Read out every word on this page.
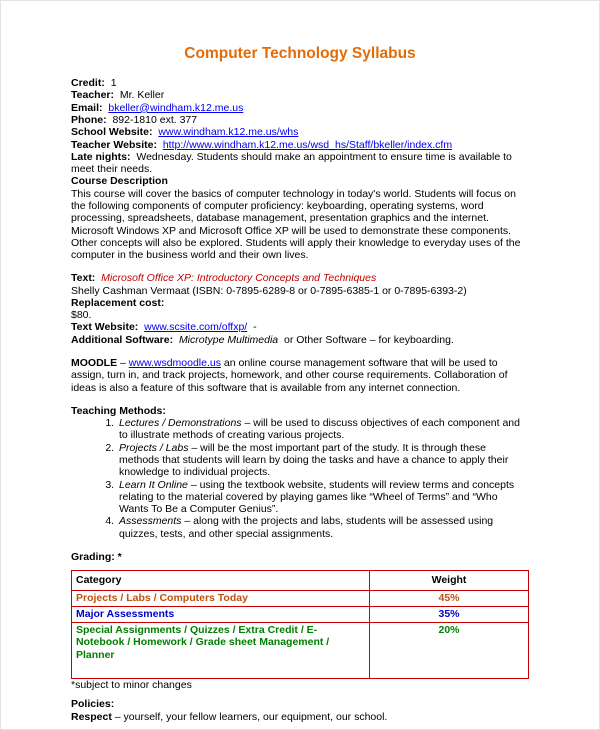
Computer Technology Syllabus

Credit: 1

Teacher: Mr. Keller

Email: bkeller@windham.k12.me.us

Phone: 892-1810 ext. 377

School Website: www.windham.k12.me.us/whs

Teacher Website: http://www.windham.k12.me.us/wsd_hs/Staff/bkeller/index.cfm

Late nights: Wednesday. Students should make an appointment to ensure time is available to meet their needs.

Course Description

This course will cover the basics of computer technology in today's world. Students will focus on the following components of computer proficiency: keyboarding, operating systems, word processing, spreadsheets, database management, presentation graphics and the internet. Microsoft Windows XP and Microsoft Office XP will be used to demonstrate these components. Other concepts will also be explored. Students will apply their knowledge to everyday uses of the computer in the business world and their own lives.

Text: Microsoft Office XP: Introductory Concepts and Techniques

Shelly Cashman Vermaat (ISBN: 0-7895-6289-8 or 0-7895-6385-1 or 0-7895-6393-2)  Replacement cost:

$80.

Text Website: www.scsite.com/offxp/ -

Additional Software: Microtype Multimedia or Other Software – for keyboarding.

MOODLE – www.wsdmoodle.us an online course management software that will be used to assign, turn in, and track projects, homework, and other course requirements. Collaboration of ideas is also a feature of this software that is available from any internet connection.

Teaching Methods:

1. Lectures / Demonstrations – will be used to discuss objectives of each component and to illustrate methods of creating various projects.
2. Projects / Labs – will be the most important part of the study. It is through these methods that students will learn by doing the tasks and have a chance to apply their knowledge to individual projects.
3. Learn It Online – using the textbook website, students will review terms and concepts relating to the material covered by playing games like “Wheel of Terms” and “Who Wants To Be a Computer Genius”.
4. Assessments – along with the projects and labs, students will be assessed using quizzes, tests, and other special assignments.

Grading: *

Category	Weight
Projects / Labs / Computers Today	45%
Major Assessments	35%
Special Assignments / Quizzes / Extra Credit / E-Notebook / Homework / Grade sheet Management / Planner	20%

*subject to minor changes

Policies:

Respect – yourself, your fellow learners, our equipment, our school.
